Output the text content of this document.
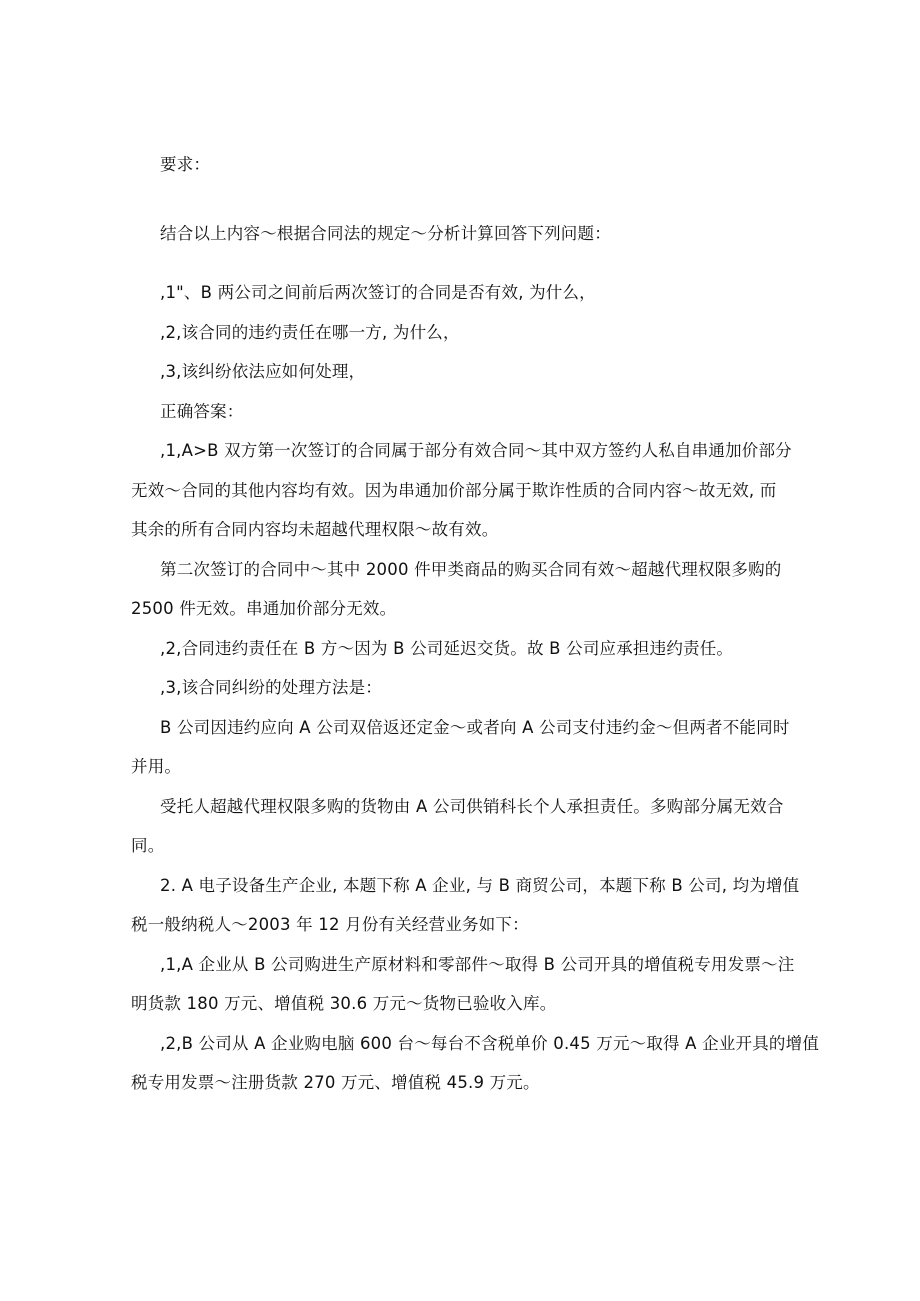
要求：
结合以上内容～根据合同法的规定～分析计算回答下列问题：
,1"、B 两公司之间前后两次签订的合同是否有效, 为什么，
,2,该合同的违约责任在哪一方, 为什么，
,3,该纠纷依法应如何处理，
正确答案：
,1,A>B 双方第一次签订的合同属于部分有效合同～其中双方签约人私自串通加价部分
无效～合同的其他内容均有效。因为串通加价部分属于欺诈性质的合同内容～故无效, 而
其余的所有合同内容均未超越代理权限～故有效。
第二次签订的合同中～其中 2000 件甲类商品的购买合同有效～超越代理权限多购的
2500 件无效。串通加价部分无效。
,2,合同违约责任在 B 方～因为 B 公司延迟交货。故 B 公司应承担违约责任。
,3,该合同纠纷的处理方法是：
B 公司因违约应向 A 公司双倍返还定金～或者向 A 公司支付违约金～但两者不能同时
并用。
受托人超越代理权限多购的货物由 A 公司供销科长个人承担责任。多购部分属无效合
同。
2. A 电子设备生产企业, 本题下称 A 企业, 与 B 商贸公司，本题下称 B 公司, 均为增值
税一般纳税人～2003 年 12 月份有关经营业务如下：
,1,A 企业从 B 公司购进生产原材料和零部件～取得 B 公司开具的增值税专用发票～注
明货款 180 万元、增值税 30.6 万元～货物已验收入库。
,2,B 公司从 A 企业购电脑 600 台～每台不含税单价 0.45 万元～取得 A 企业开具的增值
税专用发票～注册货款 270 万元、增值税 45.9 万元。
